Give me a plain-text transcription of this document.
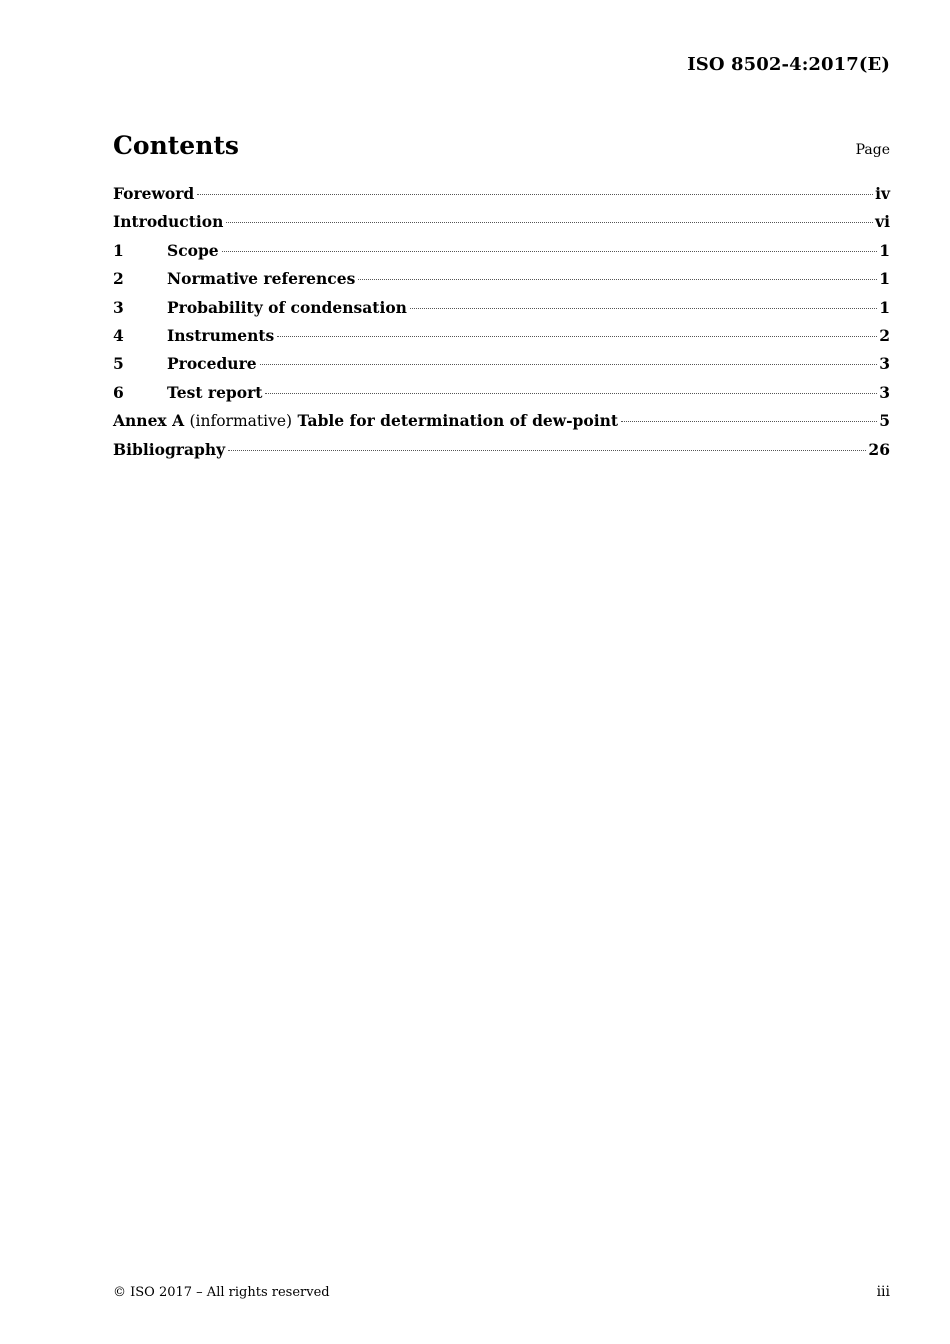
ISO 8502-4:2017(E)
Contents	Page
Foreword	iv
Introduction	vi
1	Scope	1
2	Normative references	1
3	Probability of condensation	1
4	Instruments	2
5	Procedure	3
6	Test report	3
Annex A (informative) Table for determination of dew-point	5
Bibliography	26
© ISO 2017 – All rights reserved	iii
